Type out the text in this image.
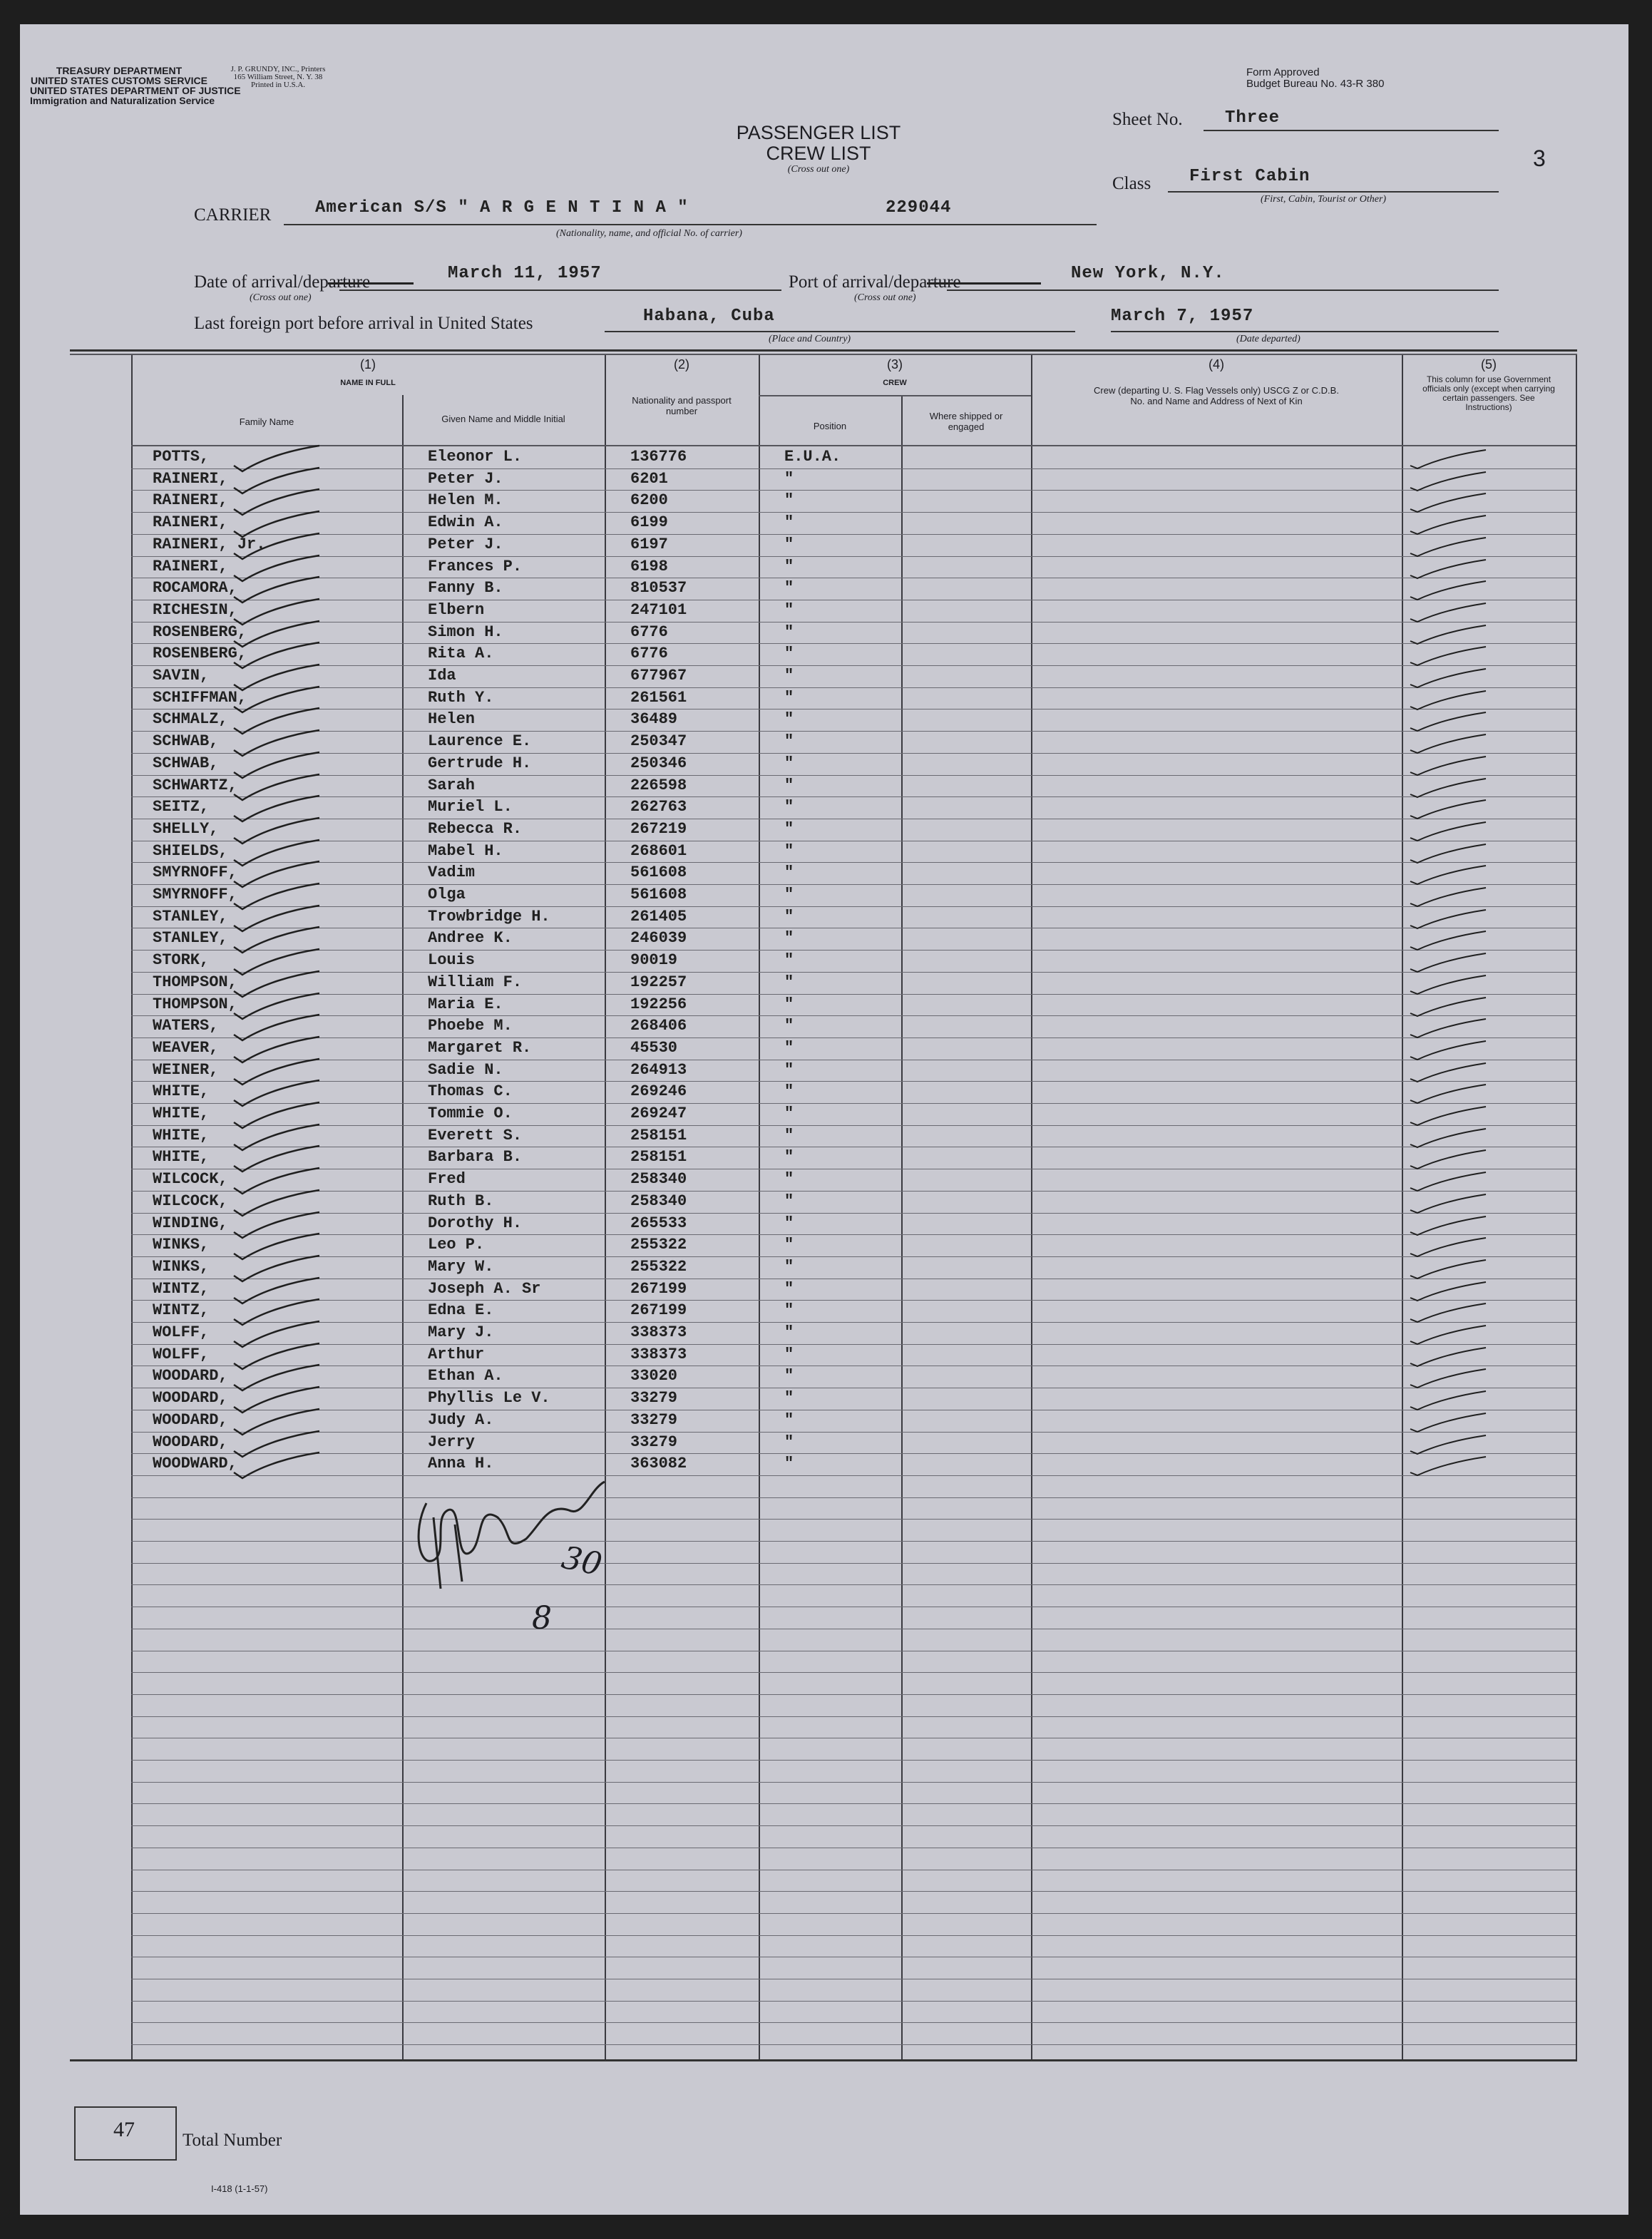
TREASURY DEPARTMENT
UNITED STATES CUSTOMS SERVICE
UNITED STATES DEPARTMENT OF JUSTICE
Immigration and Naturalization Service
J. P. GRUNDY, INC., Printers
165 William Street, N. Y. 38
Printed in U.S.A.
Form Approved
Budget Bureau No. 43-R 380
PASSENGER LIST
CREW LIST
(Cross out one)
Sheet No. Three
3
Class First Cabin
(First, Cabin, Tourist or Other)
CARRIER	American S/S " A R G E N T I N A "	229044
(Nationality, name, and official No. of carrier)
Date of arrival/departure	March 11, 1957
(Cross out one)
Port of arrival/departure	New York, N.Y.
(Cross out one)
Last foreign port before arrival in United States	Habana, Cuba	March 7, 1957
(Place and Country)	(Date departed)
(1)
NAME IN FULL
Family Name	Given Name and Middle Initial
(2)
Nationality and passport number
(3)
CREW
Position
Where shipped or engaged
(4)
Crew (departing U. S. Flag Vessels only) USCG Z or C.D.B. No. and Name and Address of Next of Kin
(5)
This column for use Government officials only (except when carrying certain passengers. See Instructions)
POTTS,	Eleonor L.	136776	E.U.A.
RAINERI,	Peter J.	6201	"
RAINERI,	Helen M.	6200	"
RAINERI,	Edwin A.	6199	"
RAINERI, Jr.	Peter J.	6197	"
RAINERI,	Frances P.	6198	"
ROCAMORA,	Fanny B.	810537	"
RICHESIN,	Elbern	247101	"
ROSENBERG,	Simon H.	6776	"
ROSENBERG,	Rita A.	6776	"
SAVIN,	Ida	677967	"
SCHIFFMAN,	Ruth Y.	261561	"
SCHMALZ,	Helen	36489	"
SCHWAB,	Laurence E.	250347	"
SCHWAB,	Gertrude H.	250346	"
SCHWARTZ,	Sarah	226598	"
SEITZ,	Muriel L.	262763	"
SHELLY,	Rebecca R.	267219	"
SHIELDS,	Mabel H.	268601	"
SMYRNOFF,	Vadim	561608	"
SMYRNOFF,	Olga	561608	"
STANLEY,	Trowbridge H.	261405	"
STANLEY,	Andree K.	246039	"
STORK,	Louis	90019	"
THOMPSON,	William F.	192257	"
THOMPSON,	Maria E.	192256	"
WATERS,	Phoebe M.	268406	"
WEAVER,	Margaret R.	45530	"
WEINER,	Sadie N.	264913	"
WHITE,	Thomas C.	269246	"
WHITE,	Tommie O.	269247	"
WHITE,	Everett S.	258151	"
WHITE,	Barbara B.	258151	"
WILCOCK,	Fred	258340	"
WILCOCK,	Ruth B.	258340	"
WINDING,	Dorothy H.	265533	"
WINKS,	Leo P.	255322	"
WINKS,	Mary W.	255322	"
WINTZ,	Joseph A. Sr	267199	"
WINTZ,	Edna E.	267199	"
WOLFF,	Mary J.	338373	"
WOLFF,	Arthur	338373	"
WOODARD,	Ethan A.	33020	"
WOODARD,	Phyllis Le V.	33279	"
WOODARD,	Judy A.	33279	"
WOODARD,	Jerry	33279	"
WOODWARD,	Anna H.	363082	"
30
8
47	Total Number
I-418 (1-1-57)
